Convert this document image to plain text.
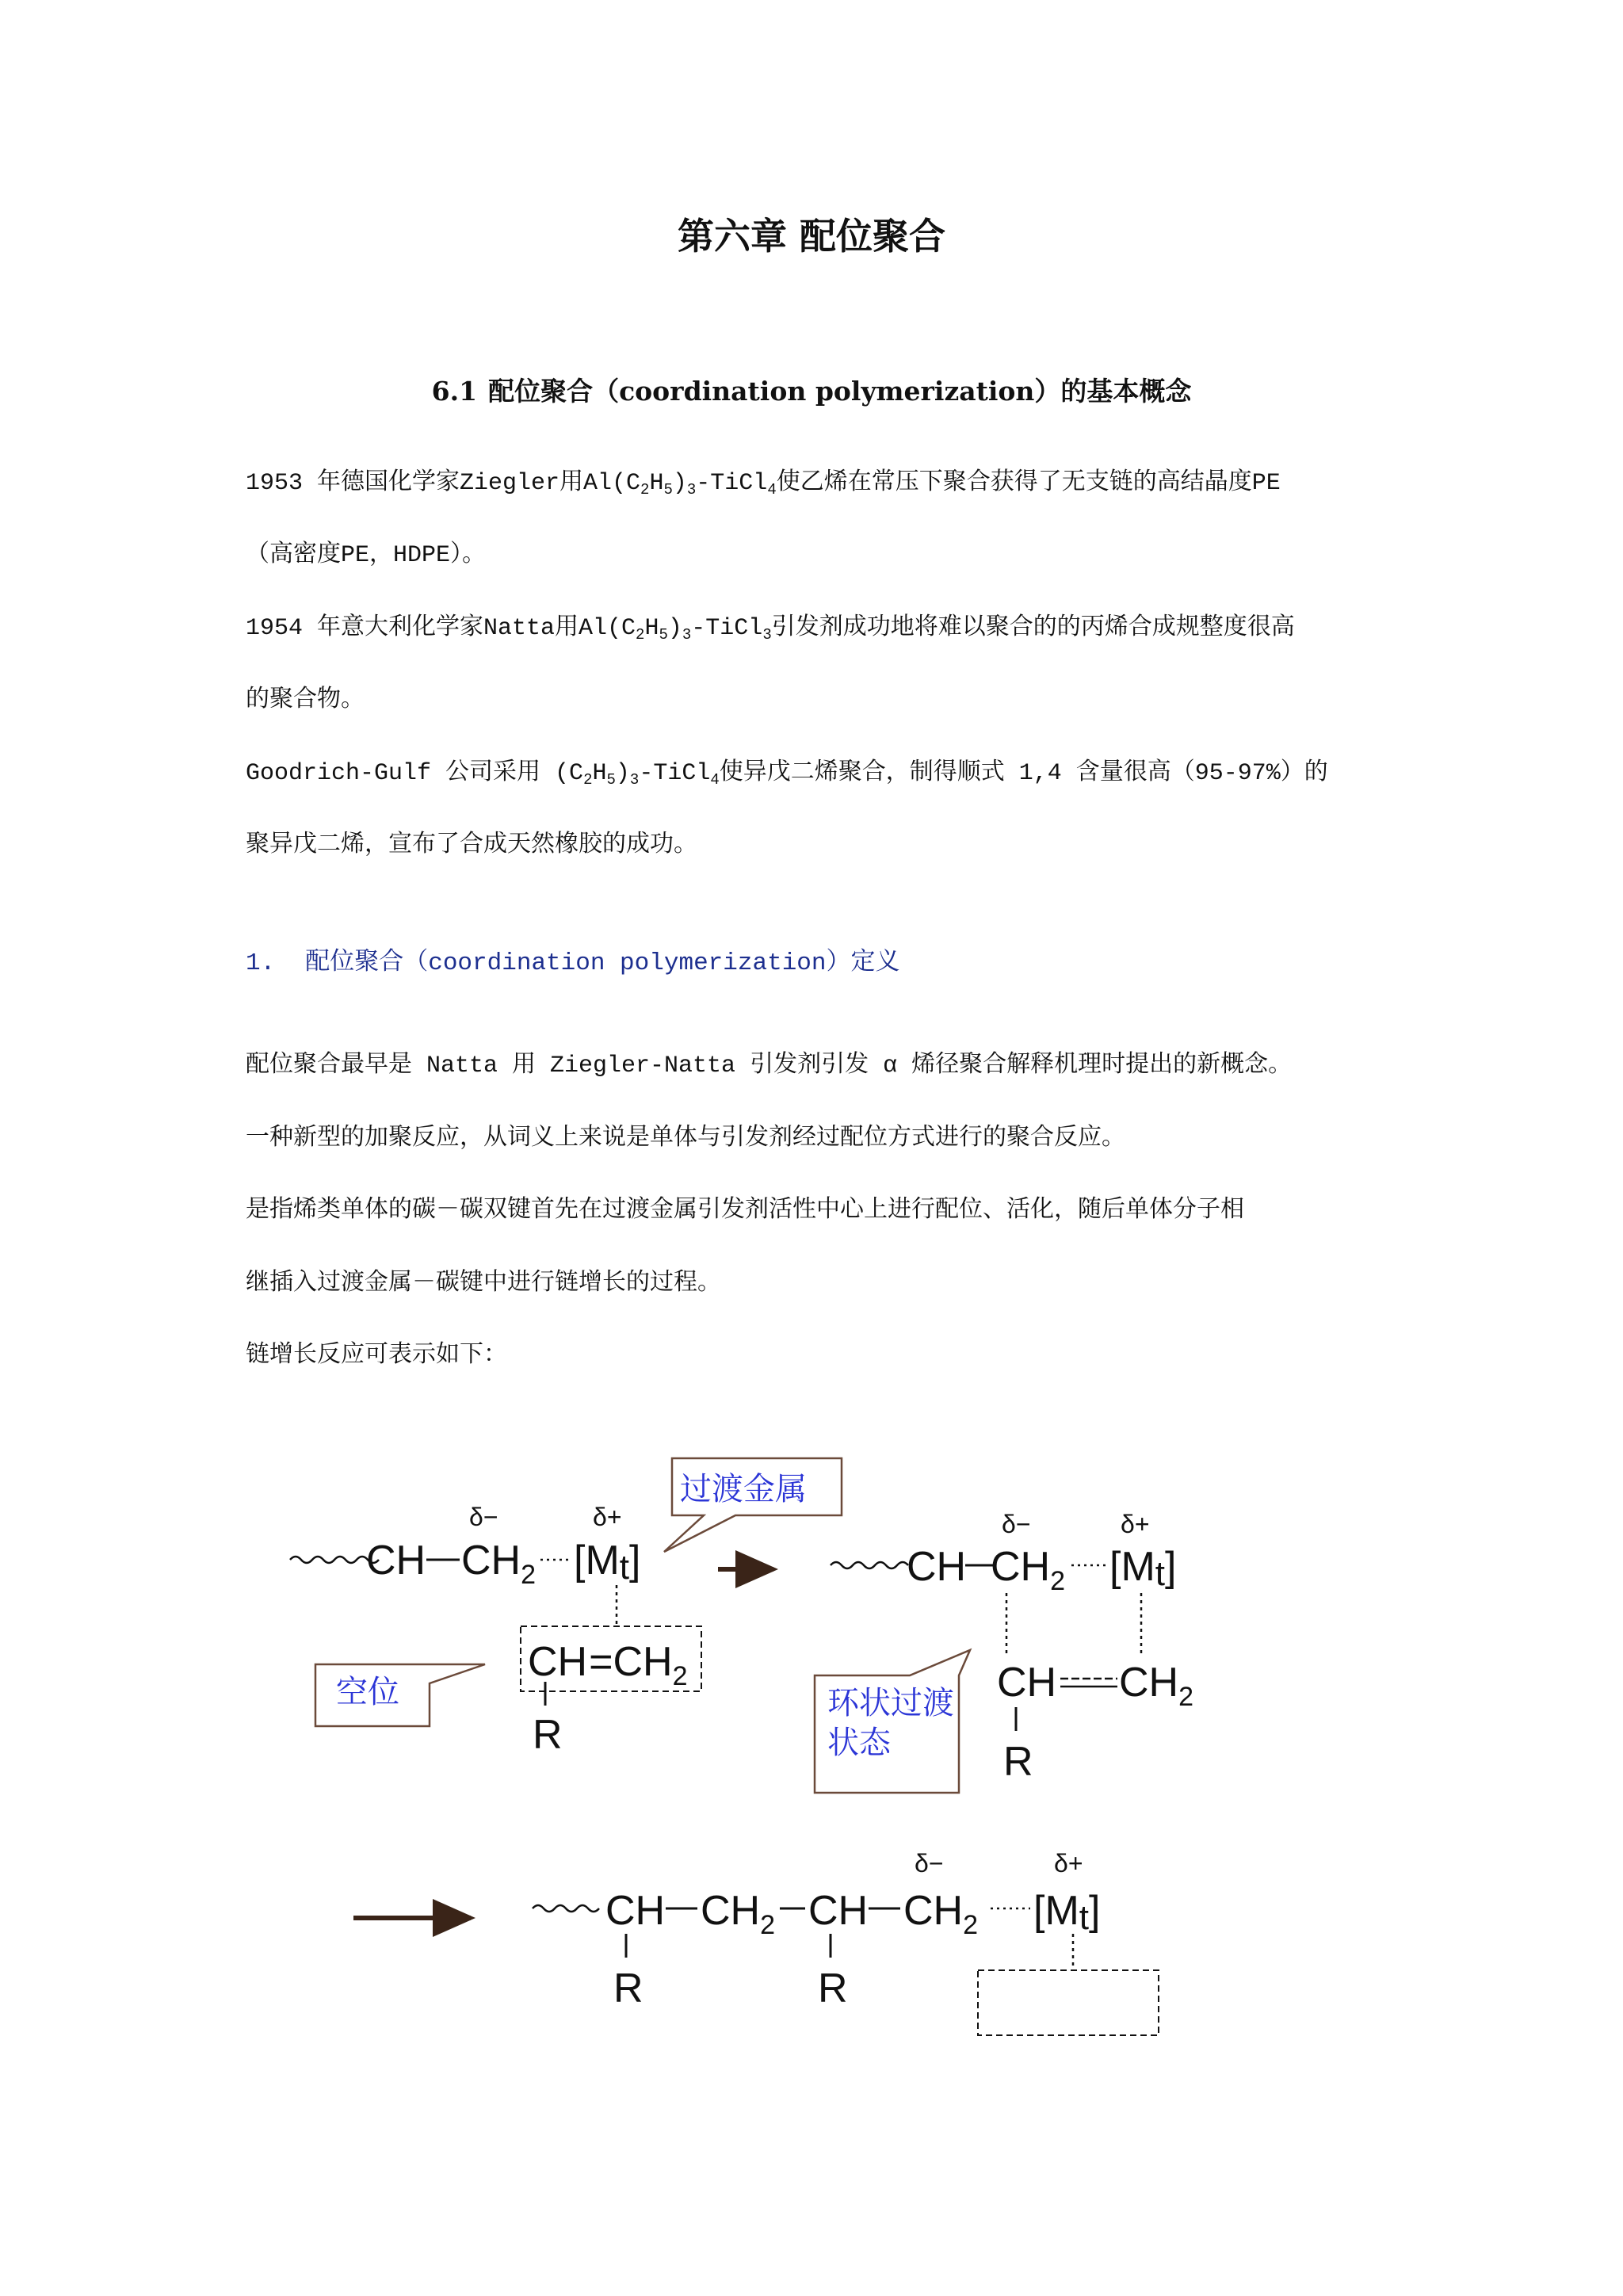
第六章 配位聚合
6.1 配位聚合（coordination polymerization）的基本概念
1953 年德国化学家Ziegler用$Al(C_2H_5)_3-TiCl_4$使乙烯在常压下聚合获得了无支链的高结晶度PE
（高密度PE，HDPE）。
1954 年意大利化学家Natta用$Al(C_2H_5)_3-TiCl_3$引发剂成功地将难以聚合的的丙烯合成规整度很高
的聚合物。
Goodrich-Gulf 公司采用 $(C_2H_5)_3-TiCl_4$使异戊二烯聚合，制得顺式 1,4 含量很高（95-97%）的
聚异戊二烯，宣布了合成天然橡胶的成功。
1. 配位聚合（coordination polymerization）定义
配位聚合最早是 Natta 用 Ziegler-Natta 引发剂引发 α 烯径聚合解释机理时提出的新概念。
一种新型的加聚反应，从词义上来说是单体与引发剂经过配位方式进行的聚合反应。
是指烯类单体的碳－碳双键首先在过渡金属引发剂活性中心上进行配位、活化，随后单体分子相
继插入过渡金属－碳键中进行链增长的过程。
链增长反应可表示如下：
CH $CH_2$ [Mt]
δ−	δ+
$CH=CH_2$
R
过渡金属
空位
CH $CH_2$ [Mt]
δ−	δ+
CH $CH_2$
R
环状过渡
状态
CH $CH_2$ CH $CH_2$ [Mt]
δ−	δ+
R	R
